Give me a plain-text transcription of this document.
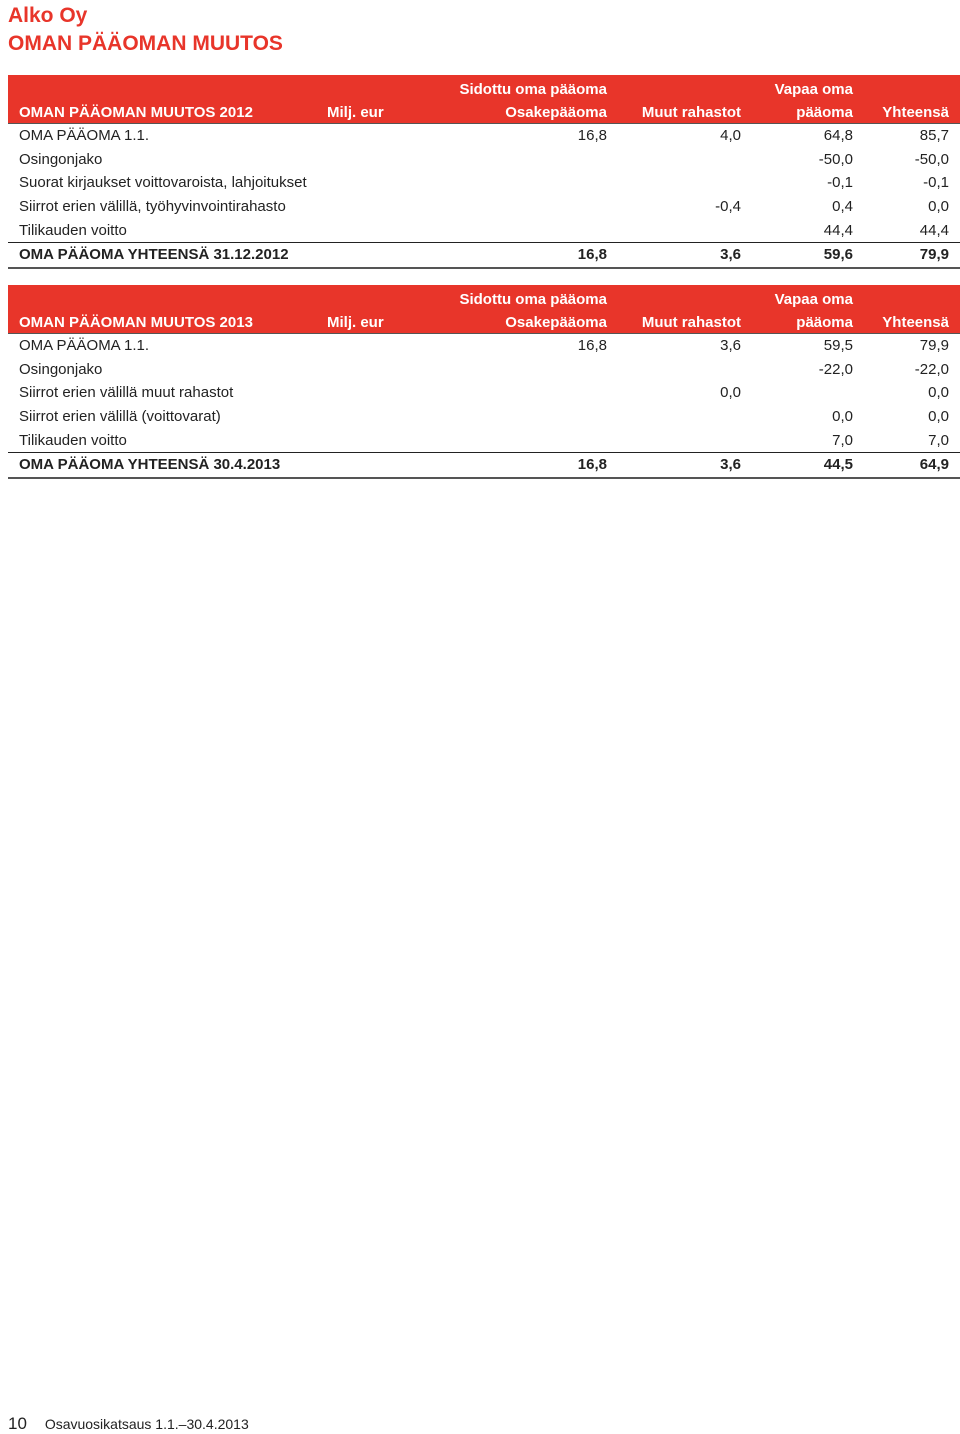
Alko Oy
OMAN PÄÄOMAN MUUTOS
		Sidottu oma pääoma		Vapaa oma	
OMAN PÄÄOMAN MUUTOS 2012	Milj. eur	Osakepääoma	Muut rahastot	pääoma	Yhteensä
OMA PÄÄOMA 1.1.		16,8	4,0	64,8	85,7
Osingonjako				-50,0	-50,0
Suorat kirjaukset voittovaroista, lahjoitukset				-0,1	-0,1
Siirrot erien välillä, työhyvinvointirahasto			-0,4	0,4	0,0
Tilikauden voitto				44,4	44,4
OMA PÄÄOMA YHTEENSÄ 31.12.2012		16,8	3,6	59,6	79,9
		Sidottu oma pääoma		Vapaa oma	
OMAN PÄÄOMAN MUUTOS 2013	Milj. eur	Osakepääoma	Muut rahastot	pääoma	Yhteensä
OMA PÄÄOMA 1.1.		16,8	3,6	59,5	79,9
Osingonjako				-22,0	-22,0
Siirrot erien välillä muut rahastot			0,0		0,0
Siirrot erien välillä (voittovarat)				0,0	0,0
Tilikauden voitto				7,0	7,0
OMA PÄÄOMA YHTEENSÄ 30.4.2013		16,8	3,6	44,5	64,9
10 Osavuosikatsaus 1.1.–30.4.2013
